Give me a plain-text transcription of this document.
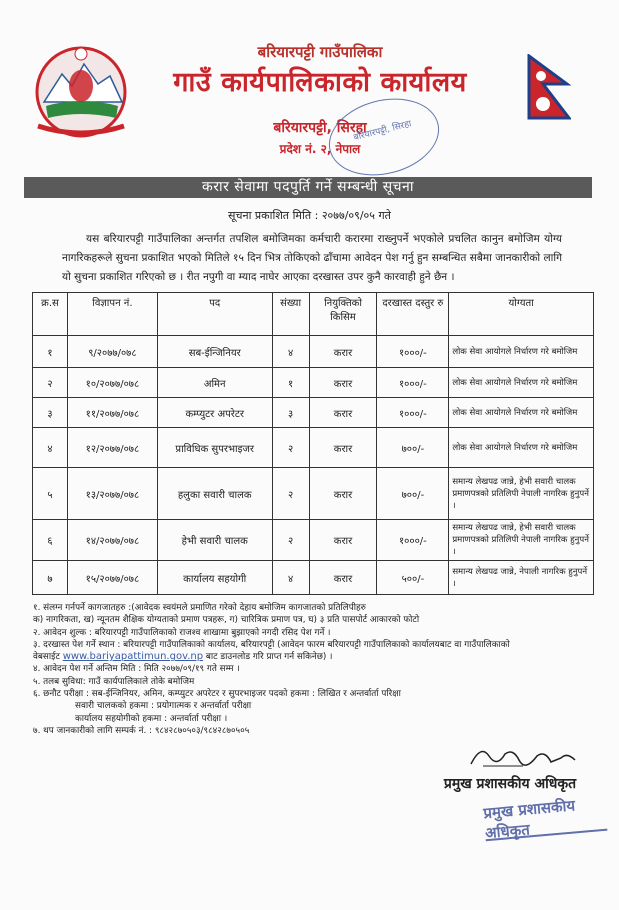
बरियारपट्टी गाउँपालिका
गाउँ कार्यपालिकाको कार्यालय
बरियारपट्टी, सिरहा
प्रदेश नं. २, नेपाल
बरियारपट्टी, सिरहा
करार सेवामा पदपुर्ति गर्ने सम्बन्धी सूचना
सूचना प्रकाशित मिति : २०७७/०९/०५ गते
यस बरियारपट्टी गाउँपालिका अन्तर्गत तपशिल बमोजिमका कर्मचारी करारमा राख्नुपर्ने भएकोले प्रचलित कानुन बमोजिम योग्य नागरिकहरूले सुचना प्रकाशित भएको मितिले १५ दिन भित्र तोकिएको ढाँचामा आवेदन पेश गर्नु हुन सम्बन्धित सबैमा जानकारीको लागि यो सुचना प्रकाशित गरिएको छ । रीत नपुगी वा म्याद नाघेर आएका दरखास्त उपर कुनै कारवाही हुने छैन ।
क्र.स	विज्ञापन नं.	पद	संख्या	नियुक्तिको किसिम	दरखास्त दस्तुर रु	योग्यता
१	९/२०७७/०७८	सब-ईन्जिनियर	४	करार	१०००/-	लोक सेवा आयोगले निर्धारण गरे बमोजिम
२	१०/२०७७/०७८	अमिन	१	करार	१०००/-	लोक सेवा आयोगले निर्धारण गरे बमोजिम
३	११/२०७७/०७८	कम्प्युटर अपरेटर	३	करार	१०००/-	लोक सेवा आयोगले निर्धारण गरे बमोजिम
४	१२/२०७७/०७८	प्राविधिक सुपरभाइजर	२	करार	७००/-	लोक सेवा आयोगले निर्धारण गरे बमोजिम
५	१३/२०७७/०७८	हलुका सवारी चालक	२	करार	७००/-	समान्य लेखपढ जान्ने, हेभी सवारी चालक प्रमाणपत्रको प्रतिलिपी नेपाली नागरिक हुनुपर्ने ।
६	१४/२०७७/०७८	हेभी सवारी चालक	२	करार	१०००/-	समान्य लेखपढ जान्ने, हेभी सवारी चालक प्रमाणपत्रको प्रतिलिपी नेपाली नागरिक हुनुपर्ने ।
७	१५/२०७७/०७८	कार्यालय सहयोगी	४	करार	५००/-	समान्य लेखपढ जान्ने, नेपाली नागरिक हुनुपर्ने ।
१. संलग्न गर्नपर्ने कागजातहरु :(आवेदक स्वयंमले प्रमाणित गरेको देहाय बमोजिम कागजातको प्रतिलिपीहरु
क) नागरिकता, ख) न्यूनतम शैक्षिक योग्यताको प्रमाण पत्रहरू, ग) चारित्रिक प्रमाण पत्र, घ) ३ प्रति पासपोर्ट आकारको फोटो
२. आवेदन शुल्क : बरियारपट्टी गाउँपालिकाको राजश्व शाखामा बुझाएको नगदी रसिद पेश गर्ने ।
३. दरखास्त पेश गर्ने स्थान : बरियारपट्टी गाउँपालिकाको कार्यालय, बरियारपट्टी (आवेदन फारम बरियारपट्टी गाउँपालिकाको कार्यालयबाट वा गाउँपालिकाको
वेबसाईट www.bariyapattimun.gov.np बाट डाउनलोड गरि प्राप्त गर्न सकिनेछ) ।
४. आवेदन पेश गर्ने अन्तिम मिति : मिति २०७७/०९/१९ गते सम्म ।
५. तलब सुविधा: गाउँ कार्यपालिकाले तोके बमोजिम
६. छनौट परीक्षा : सब-ईन्जिनियर, अमिन, कम्प्युटर अपरेटर र सुपरभाइजर पदको हकमा : लिखित र अन्तर्वार्ता परिक्षा
सवारी चालकको हकमा : प्रयोगात्मक र अन्तर्वार्ता परीक्षा
कार्यालय सहयोगीको हकमा : अन्तर्वार्ता परीक्षा ।
७. थप जानकारीको लागि सम्पर्क नं. : ९८४२८७०५०३/९८४२८७०५०५
प्रमुख प्रशासकीय अधिकृत
प्रमुख प्रशासकीय अधिकृत
